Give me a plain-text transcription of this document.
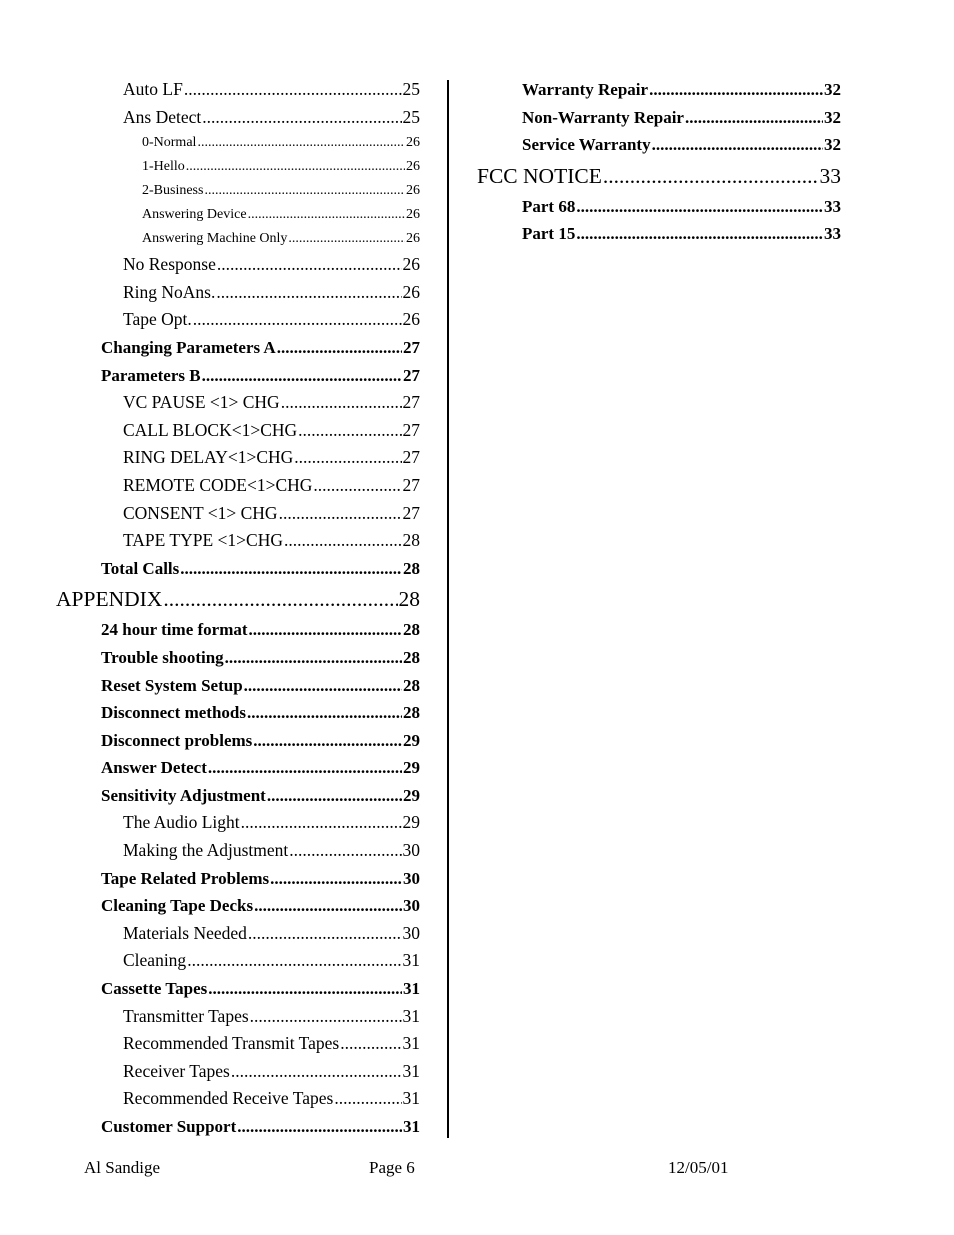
Auto LF .....	25
Ans Detect .....	25
0-Normal .....	26
1-Hello .....	26
2-Business .....	26
Answering Device .....	26
Answering Machine Only .....	26
No Response .....	26
Ring NoAns. .....	26
Tape Opt. .....	26
Changing Parameters A .....	27
Parameters B .....	27
VC PAUSE <1> CHG .....	27
CALL BLOCK<1>CHG .....	27
RING DELAY<1>CHG .....	27
REMOTE CODE<1>CHG .....	27
CONSENT <1> CHG .....	27
TAPE TYPE <1>CHG .....	28
Total Calls .....	28
APPENDIX .....	28
24 hour time format .....	28
Trouble shooting .....	28
Reset System Setup .....	28
Disconnect methods .....	28
Disconnect problems .....	29
Answer Detect .....	29
Sensitivity Adjustment .....	29
The Audio Light .....	29
Making the Adjustment .....	30
Tape Related Problems .....	30
Cleaning Tape Decks .....	30
Materials Needed .....	30
Cleaning .....	31
Cassette Tapes .....	31
Transmitter Tapes .....	31
Recommended Transmit Tapes .....	31
Receiver Tapes .....	31
Recommended Receive Tapes .....	31
Customer Support .....	31
Warranty Repair .....	32
Non-Warranty Repair .....	32
Service Warranty .....	32
FCC NOTICE .....	33
Part 68 .....	33
Part 15 .....	33
Al Sandige	Page 6	12/05/01
